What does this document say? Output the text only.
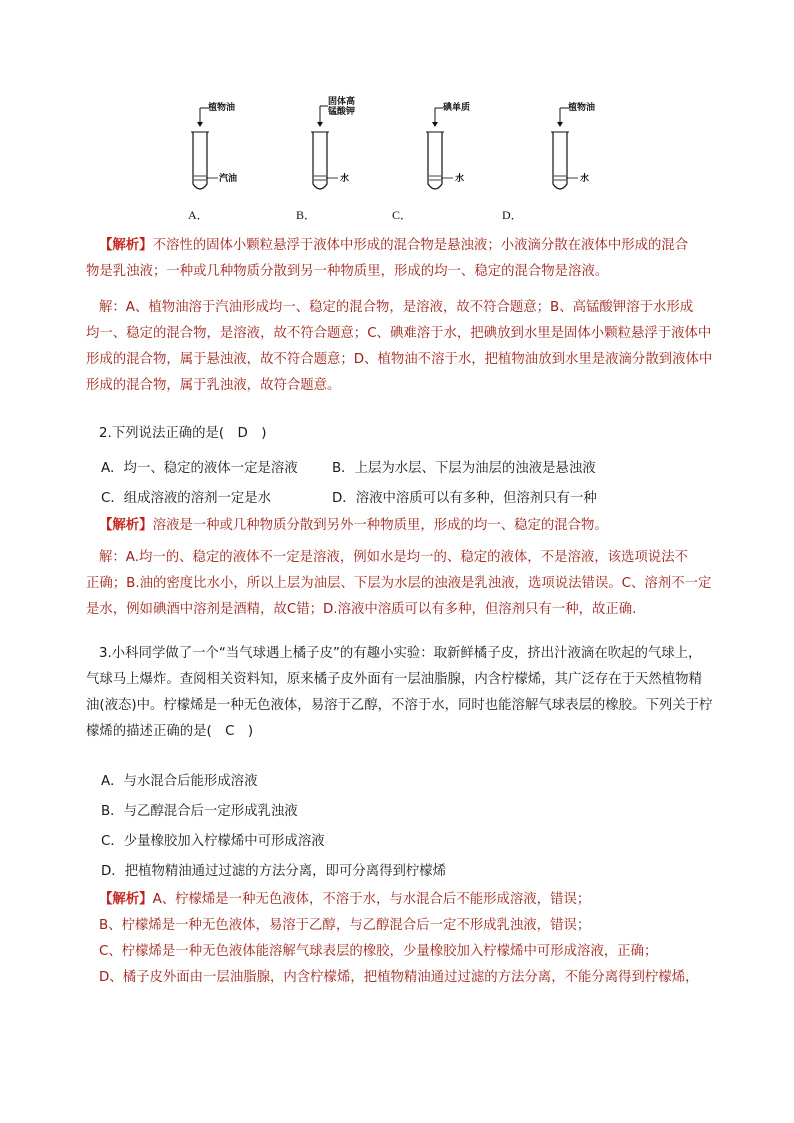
植物油
汽油
A．
固体高
锰酸钾
水
B．
碘单质
水
C．
植物油
水
D．
【解析】不溶性的固体小颗粒悬浮于液体中形成的混合物是悬浊液；小液滴分散在液体中形成的混合
物是乳浊液；一种或几种物质分散到另一种物质里，形成的均一、稳定的混合物是溶液。
解：A、植物油溶于汽油形成均一、稳定的混合物，是溶液，故不符合题意；B、高锰酸钾溶于水形成
均一、稳定的混合物，是溶液，故不符合题意；C、碘难溶于水，把碘放到水里是固体小颗粒悬浮于液体中
形成的混合物，属于悬浊液，故不符合题意；D、植物油不溶于水，把植物油放到水里是液滴分散到液体中
形成的混合物，属于乳浊液，故符合题意。
2.下列说法正确的是(　D　)
A．均一、稳定的液体一定是溶液	B．上层为水层、下层为油层的浊液是悬浊液
C．组成溶液的溶剂一定是水	D．溶液中溶质可以有多种，但溶剂只有一种
【解析】溶液是一种或几种物质分散到另外一种物质里，形成的均一、稳定的混合物。
解：A.均一的、稳定的液体不一定是溶液，例如水是均一的、稳定的液体，不是溶液，该选项说法不
正确；B.油的密度比水小，所以上层为油层、下层为水层的浊液是乳浊液，选项说法错误。C、溶剂不一定
是水，例如碘酒中溶剂是酒精，故C错；D.溶液中溶质可以有多种，但溶剂只有一种，故正确.
3.小科同学做了一个“当气球遇上橘子皮”的有趣小实验：取新鲜橘子皮，挤出汁液滴在吹起的气球上，
气球马上爆炸。查阅相关资料知，原来橘子皮外面有一层油脂腺，内含柠檬烯，其广泛存在于天然植物精
油(液态)中。柠檬烯是一种无色液体，易溶于乙醇，不溶于水，同时也能溶解气球表层的橡胶。下列关于柠
檬烯的描述正确的是(　C　)
A．与水混合后能形成溶液
B．与乙醇混合后一定形成乳浊液
C．少量橡胶加入柠檬烯中可形成溶液
D．把植物精油通过过滤的方法分离，即可分离得到柠檬烯
【解析】A、柠檬烯是一种无色液体，不溶于水，与水混合后不能形成溶液，错误；
B、柠檬烯是一种无色液体，易溶于乙醇，与乙醇混合后一定不形成乳浊液，错误；
C、柠檬烯是一种无色液体能溶解气球表层的橡胶，少量橡胶加入柠檬烯中可形成溶液，正确；
D、橘子皮外面由一层油脂腺，内含柠檬烯，把植物精油通过过滤的方法分离，不能分离得到柠檬烯，
